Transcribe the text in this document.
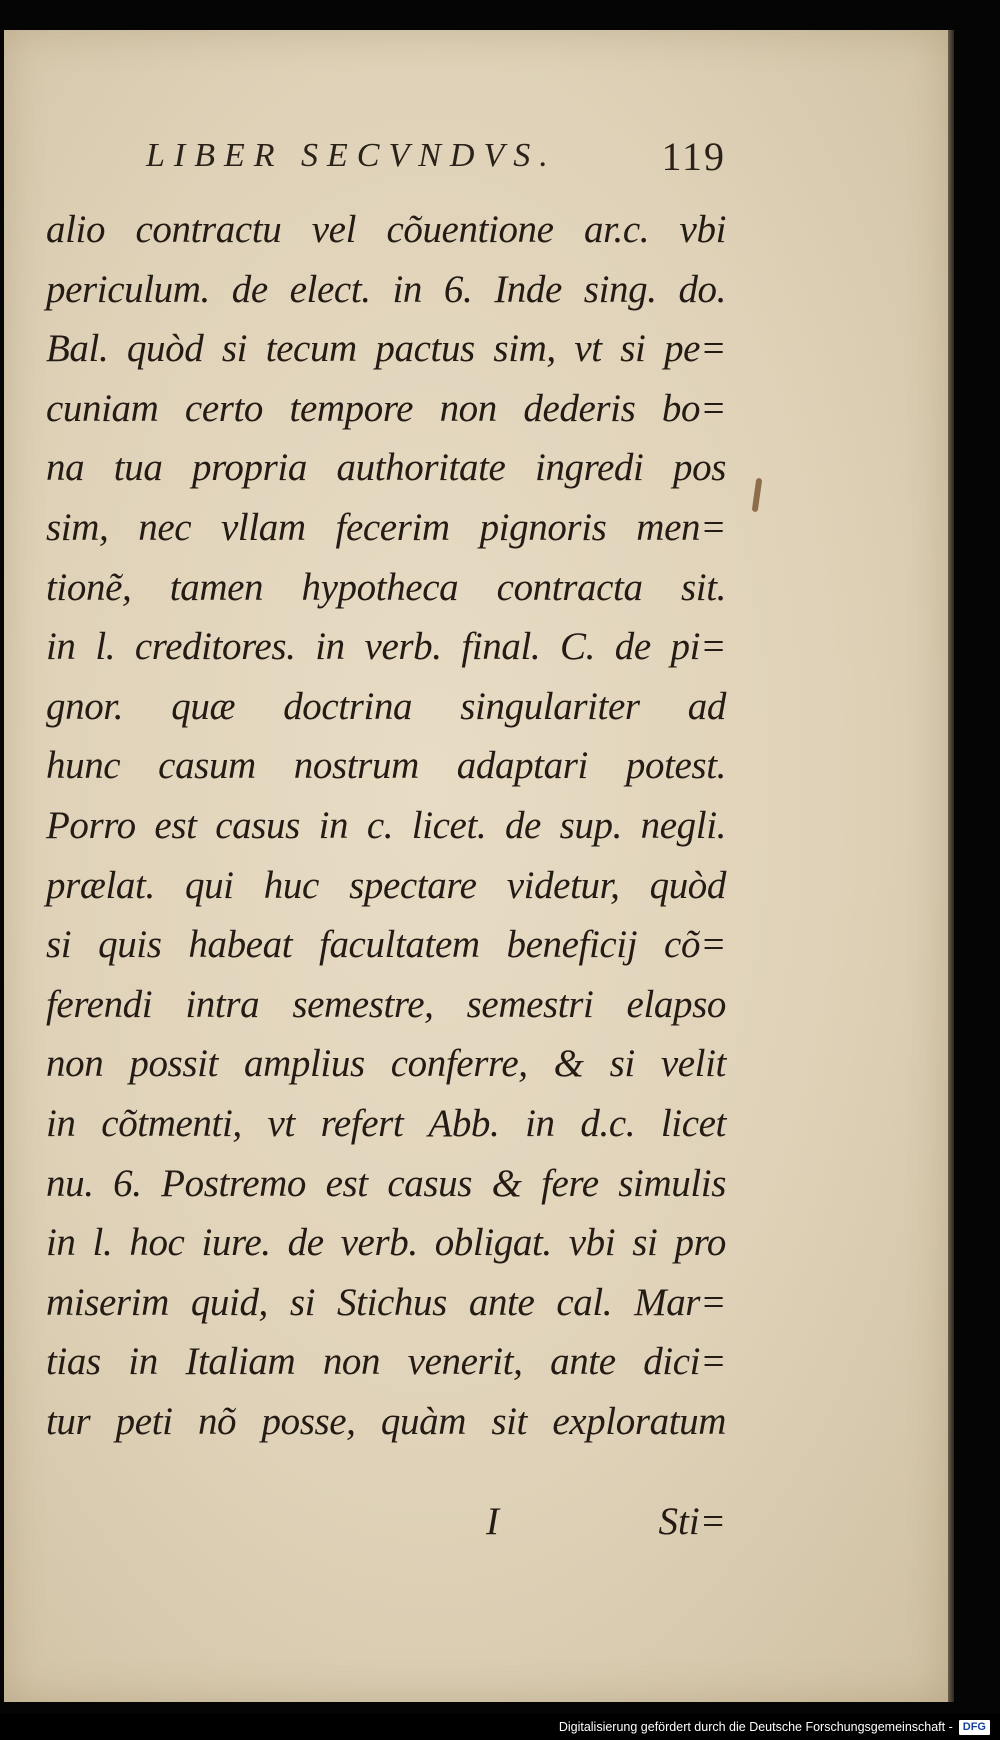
LIBER SECVNDVS.	119
alio contractu vel cõuentione ar.c. vbi
periculum. de elect. in 6. Inde sing. do.
Bal. quòd si tecum pactus sim, vt si pe=
cuniam certo tempore non dederis bo=
na tua propria authoritate ingredi pos
sim, nec vllam fecerim pignoris men=
tionẽ, tamen hypotheca contracta sit.
in l. creditores. in verb. final. C. de pi=
gnor. quæ doctrina singulariter ad
hunc casum nostrum adaptari potest.
Porro est casus in c. licet. de sup. negli.
prælat. qui huc spectare videtur, quòd
si quis habeat facultatem beneficij cõ=
ferendi intra semestre, semestri elapso
non possit amplius conferre, & si velit
in cõtmenti, vt refert Abb. in d.c. licet
nu. 6. Postremo est casus & fere simulis
in l. hoc iure. de verb. obligat. vbi si pro
miserim quid, si Stichus ante cal. Mar=
tias in Italiam non venerit, ante dici=
tur peti nõ posse, quàm sit exploratum
I	Sti=
Digitalisierung gefördert durch die Deutsche Forschungsgemeinschaft - DFG
